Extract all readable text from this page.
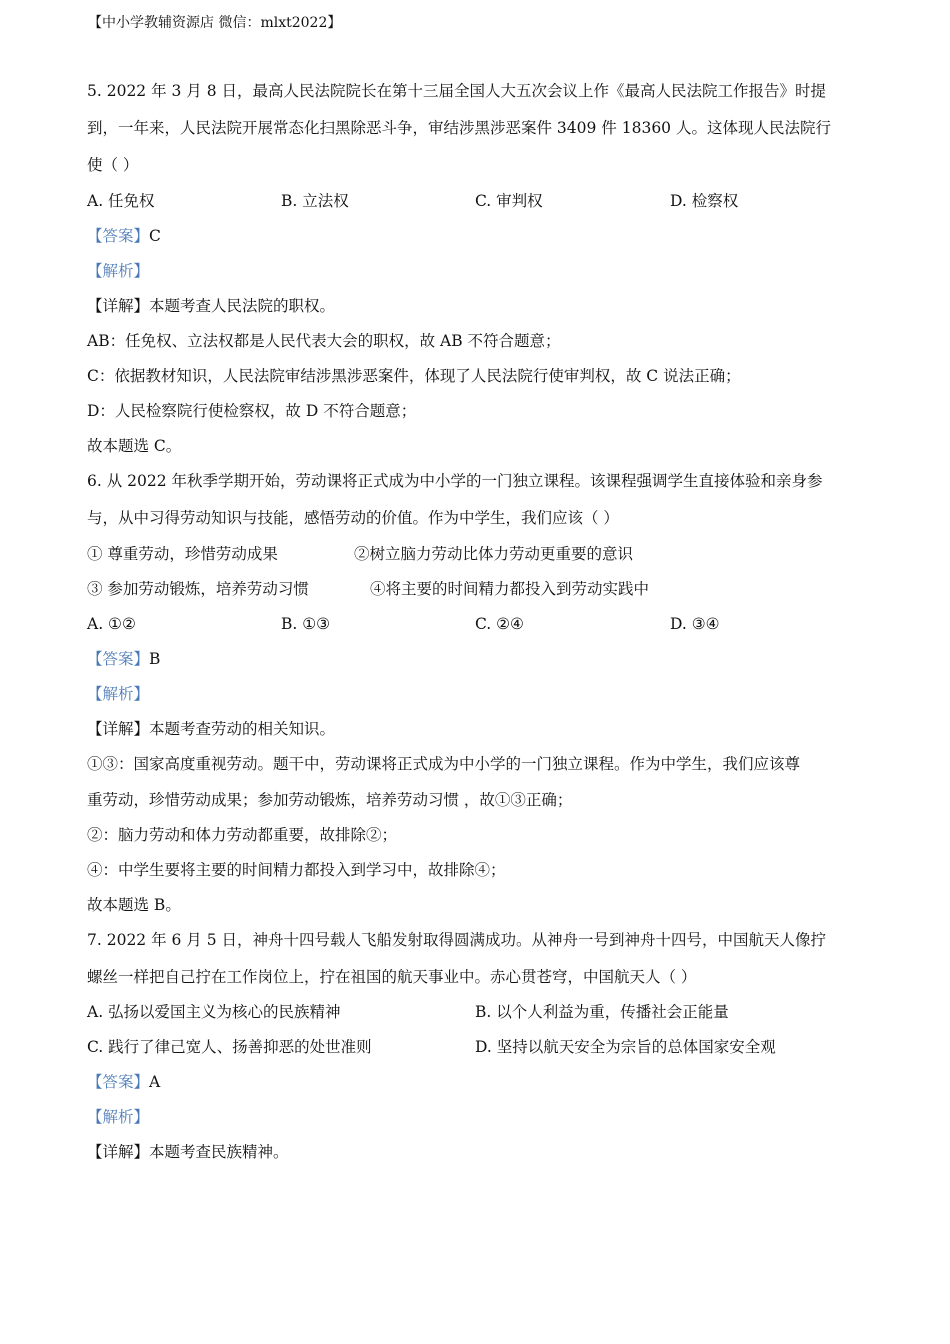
【中小学教辅资源店 微信：mlxt2022】
5. 2022 年 3 月 8 日，最高人民法院院长在第十三届全国人大五次会议上作《最高人民法院工作报告》时提
到，一年来，人民法院开展常态化扫黑除恶斗争，审结涉黑涉恶案件 3409 件 18360 人。这体现人民法院行
使（ ）
A. 任免权	B. 立法权	C. 审判权	D. 检察权
【答案】C
【解析】
【详解】本题考查人民法院的职权。
AB：任免权、立法权都是人民代表大会的职权，故 AB 不符合题意；
C：依据教材知识，人民法院审结涉黑涉恶案件，体现了人民法院行使审判权，故 C 说法正确；
D：人民检察院行使检察权，故 D 不符合题意；
故本题选 C。
6. 从 2022 年秋季学期开始，劳动课将正式成为中小学的一门独立课程。该课程强调学生直接体验和亲身参
与，从中习得劳动知识与技能，感悟劳动的价值。作为中学生，我们应该（ ）
① 尊重劳动，珍惜劳动成果	②树立脑力劳动比体力劳动更重要的意识
③ 参加劳动锻炼，培养劳动习惯	④将主要的时间精力都投入到劳动实践中
A. ①②	B. ①③	C. ②④	D. ③④
【答案】B
【解析】
【详解】本题考查劳动的相关知识。
①③：国家高度重视劳动。题干中，劳动课将正式成为中小学的一门独立课程。作为中学生，我们应该尊
重劳动，珍惜劳动成果；参加劳动锻炼，培养劳动习惯 ，故①③正确；
②：脑力劳动和体力劳动都重要，故排除②；
④：中学生要将主要的时间精力都投入到学习中，故排除④；
故本题选 B。
7. 2022 年 6 月 5 日，神舟十四号载人飞船发射取得圆满成功。从神舟一号到神舟十四号，中国航天人像拧
螺丝一样把自己拧在工作岗位上，拧在祖国的航天事业中。赤心贯苍穹，中国航天人（ ）
A. 弘扬以爱国主义为核心的民族精神	B. 以个人利益为重，传播社会正能量
C. 践行了律己宽人、扬善抑恶的处世准则	D. 坚持以航天安全为宗旨的总体国家安全观
【答案】A
【解析】
【详解】本题考查民族精神。
